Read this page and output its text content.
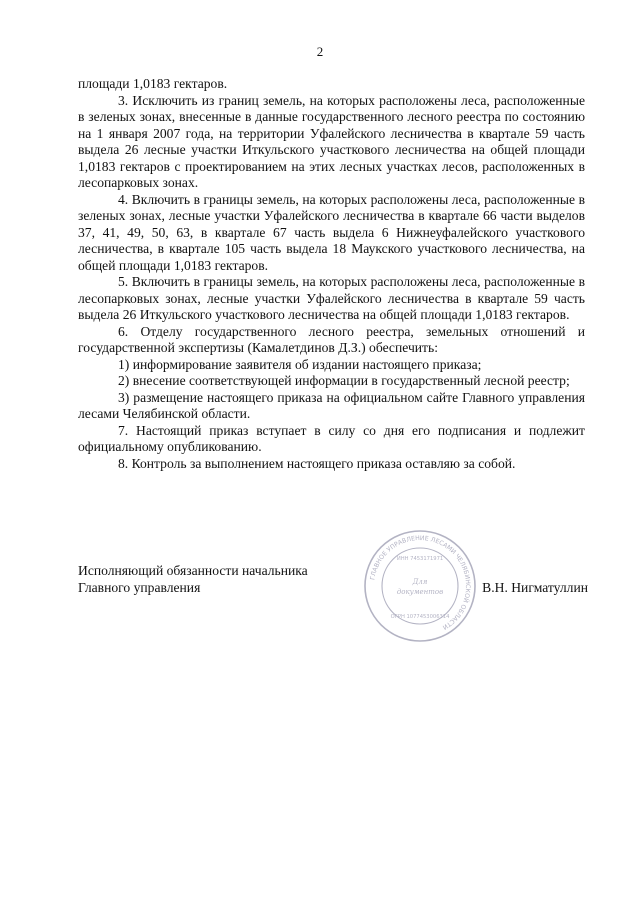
2

площади 1,0183 гектаров.

3. Исключить из границ земель, на которых расположены леса, расположенные в зеленых зонах, внесенные в данные государственного лесного реестра по состоянию на 1 января 2007 года, на территории Уфалейского лесничества в квартале 59 часть выдела 26 лесные участки Иткульского участкового лесничества на общей площади 1,0183 гектаров с проектированием на этих лесных участках лесов, расположенных в лесопарковых зонах.

4. Включить в границы земель, на которых расположены леса, расположенные в зеленых зонах, лесные участки Уфалейского лесничества в квартале 66 части выделов 37, 41, 49, 50, 63, в квартале 67 часть выдела 6 Нижнеуфалейского участкового лесничества, в квартале 105 часть выдела 18 Маукского участкового лесничества, на общей площади 1,0183 гектаров.

5. Включить в границы земель, на которых расположены леса, расположенные в лесопарковых зонах, лесные участки Уфалейского лесничества в квартале 59 часть выдела 26 Иткульского участкового лесничества на общей площади 1,0183 гектаров.

6. Отделу государственного лесного реестра, земельных отношений и государственной экспертизы (Камалетдинов Д.З.) обеспечить:

1) информирование заявителя об издании настоящего приказа;

2) внесение соответствующей информации в государственный лесной реестр;

3) размещение настоящего приказа на официальном сайте Главного управления лесами Челябинской области.

7. Настоящий приказ вступает в силу со дня его подписания и подлежит официальному опубликованию.

8. Контроль за выполнением настоящего приказа оставляю за собой.

Исполняющий обязанности начальника
Главного управления	В.Н. Нигматуллин
ГЛАВНОЕ УПРАВЛЕНИЕ ЛЕСАМИ ЧЕЛЯБИНСКОЙ ОБЛАСТИ
ИНН 7453171971
ОГРН 1077453006314
Для
документов
